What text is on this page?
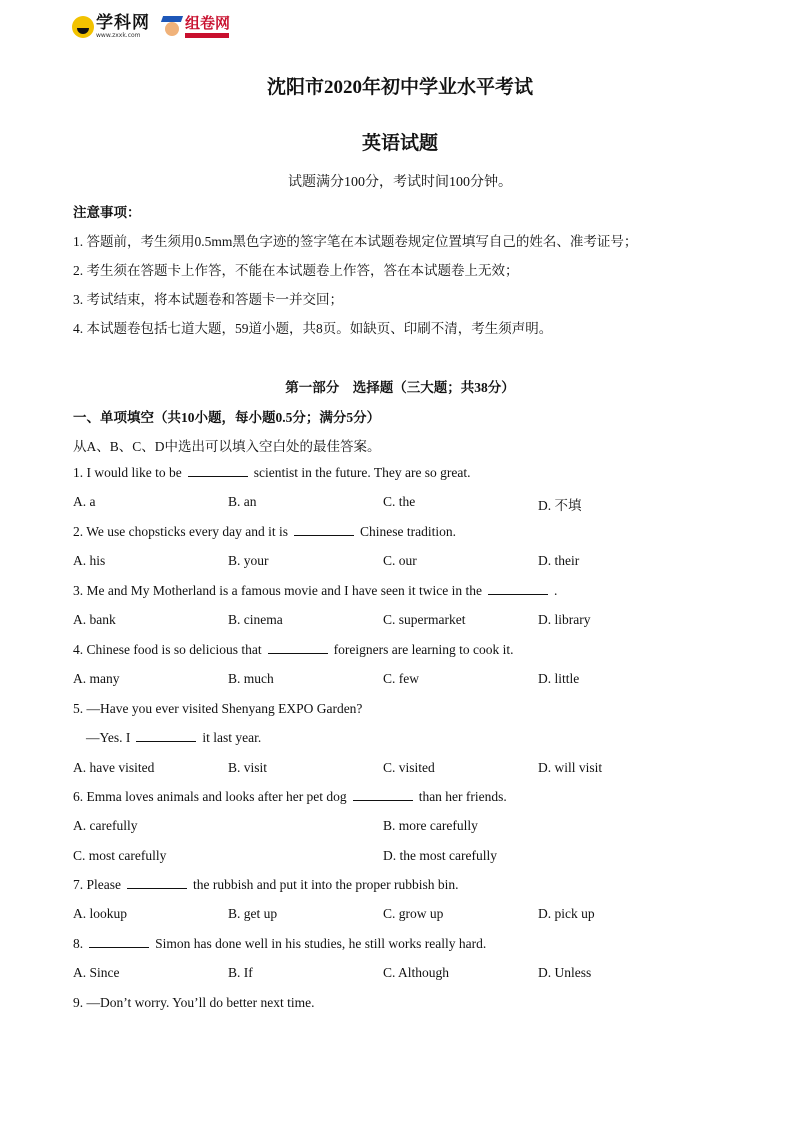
学科网
www.zxxk.com
组卷网
沈阳市2020年初中学业水平考试
英语试题
试题满分100分，考试时间100分钟。
注意事项：
1. 答题前，考生须用0.5mm黑色字迹的签字笔在本试题卷规定位置填写自己的姓名、准考证号；
2. 考生须在答题卡上作答，不能在本试题卷上作答，答在本试题卷上无效；
3. 考试结束，将本试题卷和答题卡一并交回；
4. 本试题卷包括七道大题，59道小题，共8页。如缺页、印刷不清，考生须声明。
第一部分　选择题（三大题；共38分）
一、单项填空（共10小题，每小题0.5分；满分5分）
从A、B、C、D中选出可以填入空白处的最佳答案。
1. I would like to be	scientist in the future. They are so great.
A. a	B. an	C. the	D. 不填
2. We use chopsticks every day and it is	Chinese tradition.
A. his	B. your	C. our	D. their
3. Me and My Motherland is a famous movie and I have seen it twice in the	.
A. bank	B. cinema	C. supermarket	D. library
4. Chinese food is so delicious that	foreigners are learning to cook it.
A. many	B. much	C. few	D. little
5. —Have you ever visited Shenyang EXPO Garden?
—Yes. I	it last year.
A. have visited	B. visit	C. visited	D. will visit
6. Emma loves animals and looks after her pet dog	than her friends.
A. carefully	B. more carefully
C. most carefully	D. the most carefully
7. Please	the rubbish and put it into the proper rubbish bin.
A. lookup	B. get up	C. grow up	D. pick up
8.	Simon has done well in his studies, he still works really hard.
A. Since	B. If	C. Although	D. Unless
9. —Don’t worry. You’ll do better next time.
